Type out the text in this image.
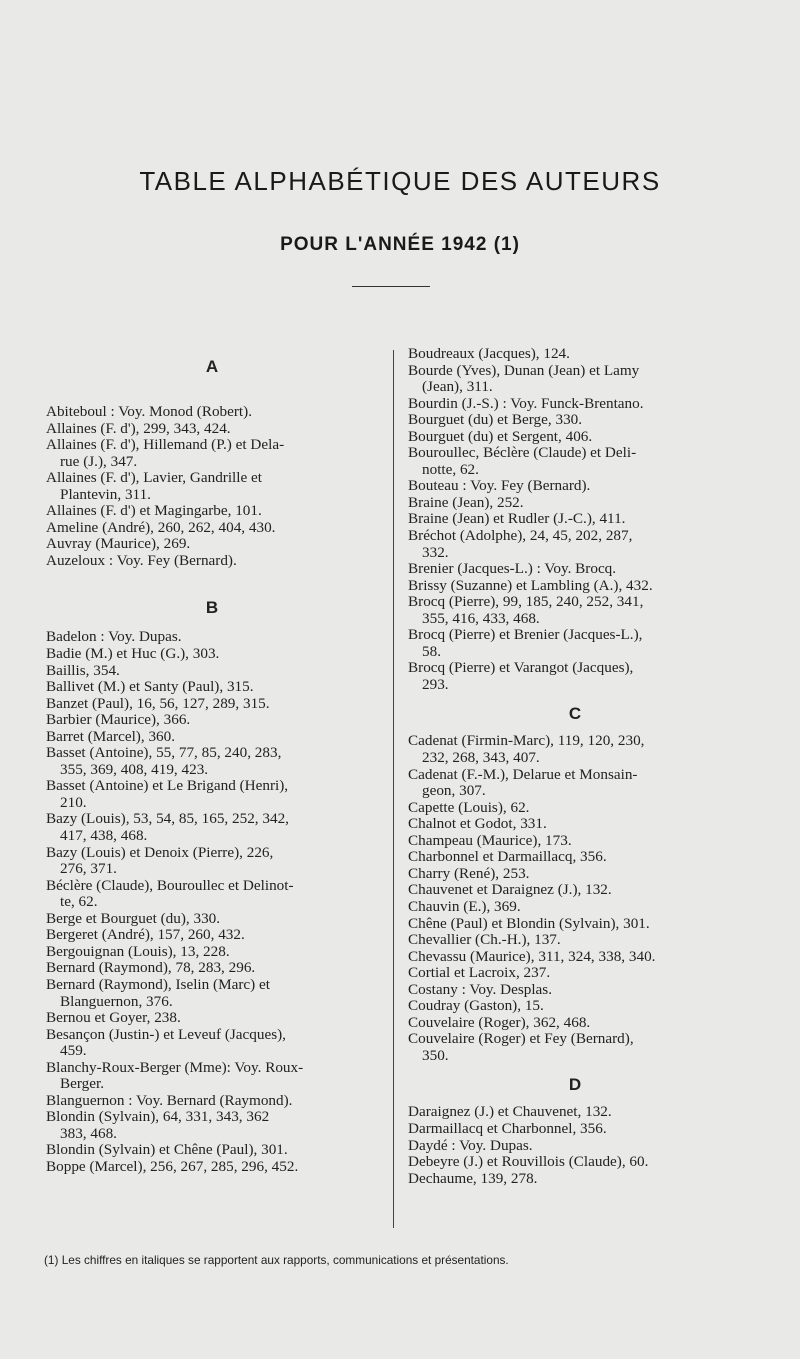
TABLE ALPHABÉTIQUE DES AUTEURS
POUR L'ANNÉE 1942 (1)
A
Abiteboul : Voy. Monod (Robert).
Allaines (F. d'), 299, 343, 424.
Allaines (F. d'), Hillemand (P.) et Dela-
rue (J.), 347.
Allaines (F. d'), Lavier, Gandrille et
Plantevin, 311.
Allaines (F. d') et Magingarbe, 101.
Ameline (André), 260, 262, 404, 430.
Auvray (Maurice), 269.
Auzeloux : Voy. Fey (Bernard).
B
Badelon : Voy. Dupas.
Badie (M.) et Huc (G.), 303.
Baillis, 354.
Ballivet (M.) et Santy (Paul), 315.
Banzet (Paul), 16, 56, 127, 289, 315.
Barbier (Maurice), 366.
Barret (Marcel), 360.
Basset (Antoine), 55, 77, 85, 240, 283,
355, 369, 408, 419, 423.
Basset (Antoine) et Le Brigand (Henri),
210.
Bazy (Louis), 53, 54, 85, 165, 252, 342,
417, 438, 468.
Bazy (Louis) et Denoix (Pierre), 226,
276, 371.
Béclère (Claude), Bouroullec et Delinot-
te, 62.
Berge et Bourguet (du), 330.
Bergeret (André), 157, 260, 432.
Bergouignan (Louis), 13, 228.
Bernard (Raymond), 78, 283, 296.
Bernard (Raymond), Iselin (Marc) et
Blanguernon, 376.
Bernou et Goyer, 238.
Besançon (Justin-) et Leveuf (Jacques),
459.
Blanchy-Roux-Berger (Mme): Voy. Roux-
Berger.
Blanguernon : Voy. Bernard (Raymond).
Blondin (Sylvain), 64, 331, 343, 362
383, 468.
Blondin (Sylvain) et Chêne (Paul), 301.
Boppe (Marcel), 256, 267, 285, 296, 452.
Boudreaux (Jacques), 124.
Bourde (Yves), Dunan (Jean) et Lamy
(Jean), 311.
Bourdin (J.-S.) : Voy. Funck-Brentano.
Bourguet (du) et Berge, 330.
Bourguet (du) et Sergent, 406.
Bouroullec, Béclère (Claude) et Deli-
notte, 62.
Bouteau : Voy. Fey (Bernard).
Braine (Jean), 252.
Braine (Jean) et Rudler (J.-C.), 411.
Bréchot (Adolphe), 24, 45, 202, 287,
332.
Brenier (Jacques-L.) : Voy. Brocq.
Brissy (Suzanne) et Lambling (A.), 432.
Brocq (Pierre), 99, 185, 240, 252, 341,
355, 416, 433, 468.
Brocq (Pierre) et Brenier (Jacques-L.),
58.
Brocq (Pierre) et Varangot (Jacques),
293.
C
Cadenat (Firmin-Marc), 119, 120, 230,
232, 268, 343, 407.
Cadenat (F.-M.), Delarue et Monsain-
geon, 307.
Capette (Louis), 62.
Chalnot et Godot, 331.
Champeau (Maurice), 173.
Charbonnel et Darmaillacq, 356.
Charry (René), 253.
Chauvenet et Daraignez (J.), 132.
Chauvin (E.), 369.
Chêne (Paul) et Blondin (Sylvain), 301.
Chevallier (Ch.-H.), 137.
Chevassu (Maurice), 311, 324, 338, 340.
Cortial et Lacroix, 237.
Costany : Voy. Desplas.
Coudray (Gaston), 15.
Couvelaire (Roger), 362, 468.
Couvelaire (Roger) et Fey (Bernard),
350.
D
Daraignez (J.) et Chauvenet, 132.
Darmaillacq et Charbonnel, 356.
Daydé : Voy. Dupas.
Debeyre (J.) et Rouvillois (Claude), 60.
Dechaume, 139, 278.
(1) Les chiffres en italiques se rapportent aux rapports, communications et présentations.
